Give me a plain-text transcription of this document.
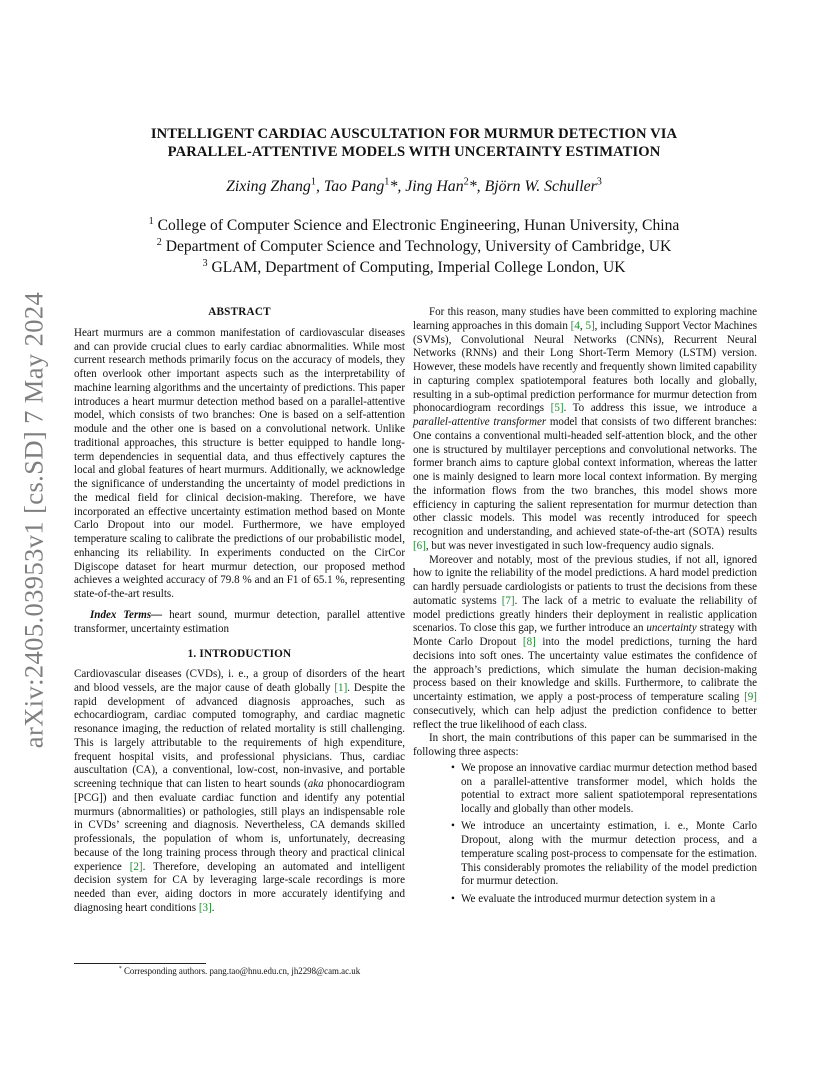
arXiv:2405.03953v1 [cs.SD] 7 May 2024
INTELLIGENT CARDIAC AUSCULTATION FOR MURMUR DETECTION VIA
PARALLEL-ATTENTIVE MODELS WITH UNCERTAINTY ESTIMATION
Zixing Zhang$^1$, Tao Pang$^1$*, Jing Han$^2$*, Björn W. Schuller$^3$
$^1$ College of Computer Science and Electronic Engineering, Hunan University, China
$^2$ Department of Computer Science and Technology, University of Cambridge, UK
$^3$ GLAM, Department of Computing, Imperial College London, UK

ABSTRACT

Heart murmurs are a common manifestation of cardiovascular diseases and can provide crucial clues to early cardiac abnormalities. While most current research methods primarily focus on the accuracy of models, they often overlook other important aspects such as the interpretability of machine learning algorithms and the uncertainty of predictions. This paper introduces a heart murmur detection method based on a parallel-attentive model, which consists of two branches: One is based on a self-attention module and the other one is based on a convolutional network. Unlike traditional approaches, this structure is better equipped to handle long-term dependencies in sequential data, and thus effectively captures the local and global features of heart murmurs. Additionally, we acknowledge the significance of understanding the uncertainty of model predictions in the medical field for clinical decision-making. Therefore, we have incorporated an effective uncertainty estimation method based on Monte Carlo Dropout into our model. Furthermore, we have employed temperature scaling to calibrate the predictions of our probabilistic model, enhancing its reliability. In experiments conducted on the CirCor Digiscope dataset for heart murmur detection, our proposed method achieves a weighted accuracy of 79.8 % and an F1 of 65.1 %, representing state-of-the-art results.

Index Terms— heart sound, murmur detection, parallel attentive transformer, uncertainty estimation

1. INTRODUCTION

Cardiovascular diseases (CVDs), i. e., a group of disorders of the heart and blood vessels, are the major cause of death globally [1]. Despite the rapid development of advanced diagnosis approaches, such as echocardiogram, cardiac computed tomography, and cardiac magnetic resonance imaging, the reduction of related mortality is still challenging. This is largely attributable to the requirements of high expenditure, frequent hospital visits, and professional physicians. Thus, cardiac auscultation (CA), a conventional, low-cost, non-invasive, and portable screening technique that can listen to heart sounds (aka phonocardiogram [PCG]) and then evaluate cardiac function and identify any potential murmurs (abnormalities) or pathologies, still plays an indispensable role in CVDs’ screening and diagnosis. Nevertheless, CA demands skilled professionals, the population of whom is, unfortunately, decreasing because of the long training process through theory and practical clinical experience [2]. Therefore, developing an automated and intelligent decision system for CA by leveraging large-scale recordings is more needed than ever, aiding doctors in more accurately identifying and diagnosing heart conditions [3].

* Corresponding authors. pang.tao@hnu.edu.cn, jh2298@cam.ac.uk

For this reason, many studies have been committed to exploring machine learning approaches in this domain [4, 5], including Support Vector Machines (SVMs), Convolutional Neural Networks (CNNs), Recurrent Neural Networks (RNNs) and their Long Short-Term Memory (LSTM) version. However, these models have recently and frequently shown limited capability in capturing complex spatiotemporal features both locally and globally, resulting in a sub-optimal prediction performance for murmur detection from phonocardiogram recordings [5]. To address this issue, we introduce a parallel-attentive transformer model that consists of two different branches: One contains a conventional multi-headed self-attention block, and the other one is structured by multilayer perceptions and convolutional networks. The former branch aims to capture global context information, whereas the latter one is mainly designed to learn more local context information. By merging the information flows from the two branches, this model shows more efficiency in capturing the salient representation for murmur detection than other classic models. This model was recently introduced for speech recognition and understanding, and achieved state-of-the-art (SOTA) results [6], but was never investigated in such low-frequency audio signals.

Moreover and notably, most of the previous studies, if not all, ignored how to ignite the reliability of the model predictions. A hard model prediction can hardly persuade cardiologists or patients to trust the decisions from these automatic systems [7]. The lack of a metric to evaluate the reliability of model predictions greatly hinders their deployment in realistic application scenarios. To close this gap, we further introduce an uncertainty strategy with Monte Carlo Dropout [8] into the model predictions, turning the hard decisions into soft ones. The uncertainty value estimates the confidence of the approach’s predictions, which simulate the human decision-making process based on their knowledge and skills. Furthermore, to calibrate the uncertainty estimation, we apply a post-process of temperature scaling [9] consecutively, which can help adjust the prediction confidence to better reflect the true likelihood of each class.

In short, the main contributions of this paper can be summarised in the following three aspects:

• We propose an innovative cardiac murmur detection method based on a parallel-attentive transformer model, which holds the potential to extract more salient spatiotemporal representations locally and globally than other models.
• We introduce an uncertainty estimation, i. e., Monte Carlo Dropout, along with the murmur detection process, and a temperature scaling post-process to compensate for the estimation. This considerably promotes the reliability of the model prediction for murmur detection.
• We evaluate the introduced murmur detection system in a
